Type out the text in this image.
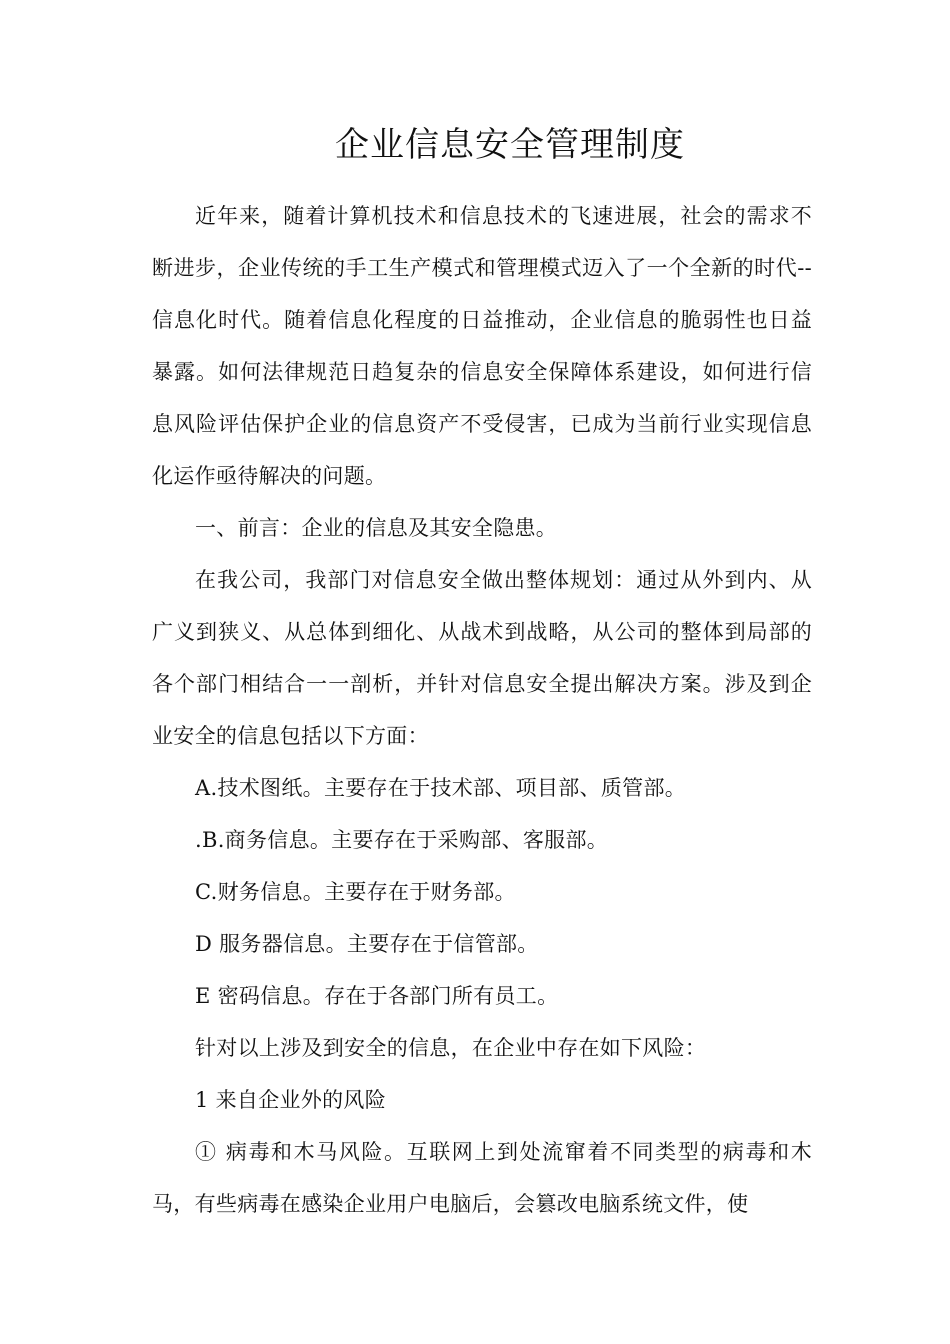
企业信息安全管理制度

近年来，随着计算机技术和信息技术的飞速进展，社会的需求不断进步，企业传统的手工生产模式和管理模式迈入了一个全新的时代--信息化时代。随着信息化程度的日益推动，企业信息的脆弱性也日益暴露。如何法律规范日趋复杂的信息安全保障体系建设，如何进行信息风险评估保护企业的信息资产不受侵害，已成为当前行业实现信息化运作亟待解决的问题。

一、前言：企业的信息及其安全隐患。

在我公司，我部门对信息安全做出整体规划：通过从外到内、从广义到狭义、从总体到细化、从战术到战略，从公司的整体到局部的各个部门相结合一一剖析，并针对信息安全提出解决方案。涉及到企业安全的信息包括以下方面：

A.技术图纸。主要存在于技术部、项目部、质管部。

.B.商务信息。主要存在于采购部、客服部。

C.财务信息。主要存在于财务部。

D 服务器信息。主要存在于信管部。

E 密码信息。存在于各部门所有员工。

针对以上涉及到安全的信息，在企业中存在如下风险：

1 来自企业外的风险

① 病毒和木马风险。互联网上到处流窜着不同类型的病毒和木马，有些病毒在感染企业用户电脑后，会篡改电脑系统文件，使
